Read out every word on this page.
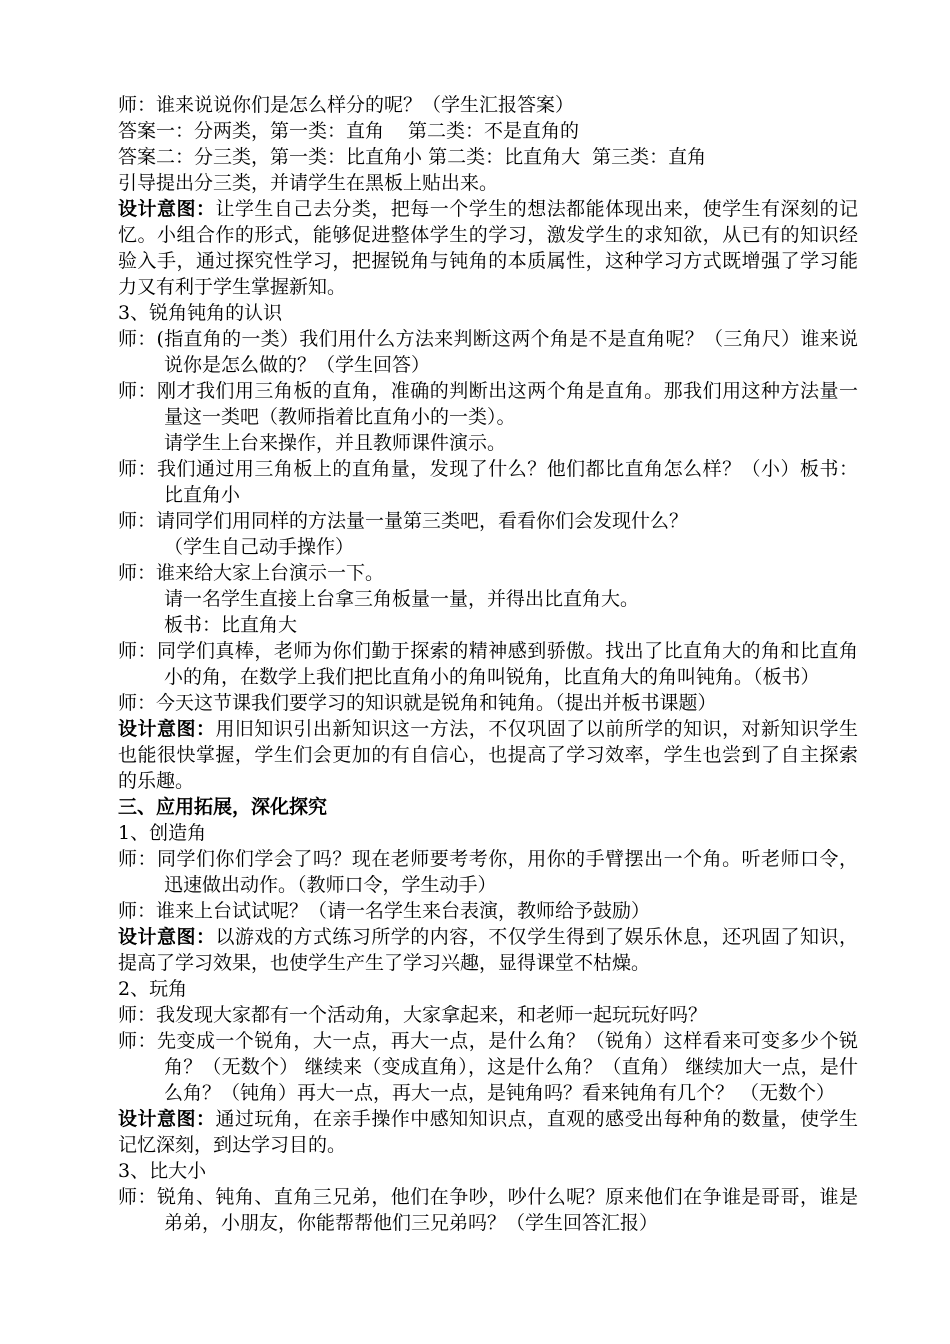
师：谁来说说你们是怎么样分的呢？（学生汇报答案）
答案一：分两类，第一类：直角 第二类：不是直角的
答案二：分三类，第一类：比直角小 第二类：比直角大 第三类：直角
引导提出分三类，并请学生在黑板上贴出来。
设计意图：让学生自己去分类，把每一个学生的想法都能体现出来，使学生有深刻的记忆。小组合作的形式，能够促进整体学生的学习，激发学生的求知欲，从已有的知识经验入手，通过探究性学习，把握锐角与钝角的本质属性，这种学习方式既增强了学习能力又有利于学生掌握新知。
3、锐角钝角的认识
师：(指直角的一类）我们用什么方法来判断这两个角是不是直角呢？（三角尺）谁来说说你是怎么做的？（学生回答）
师：刚才我们用三角板的直角，准确的判断出这两个角是直角。那我们用这种方法量一量这一类吧（教师指着比直角小的一类）。
请学生上台来操作，并且教师课件演示。
师：我们通过用三角板上的直角量，发现了什么？他们都比直角怎么样？（小）板书：比直角小
师：请同学们用同样的方法量一量第三类吧，看看你们会发现什么？
（学生自己动手操作）
师：谁来给大家上台演示一下。
请一名学生直接上台拿三角板量一量，并得出比直角大。
板书：比直角大
师：同学们真棒，老师为你们勤于探索的精神感到骄傲。找出了比直角大的角和比直角小的角，在数学上我们把比直角小的角叫锐角，比直角大的角叫钝角。（板书）
师：今天这节课我们要学习的知识就是锐角和钝角。（提出并板书课题）
设计意图：用旧知识引出新知识这一方法，不仅巩固了以前所学的知识，对新知识学生也能很快掌握，学生们会更加的有自信心，也提高了学习效率，学生也尝到了自主探索的乐趣。
三、应用拓展，深化探究
1、创造角
师：同学们你们学会了吗？现在老师要考考你，用你的手臂摆出一个角。听老师口令，迅速做出动作。（教师口令，学生动手）
师：谁来上台试试呢？（请一名学生来台表演，教师给予鼓励）
设计意图：以游戏的方式练习所学的内容，不仅学生得到了娱乐休息，还巩固了知识，提高了学习效果，也使学生产生了学习兴趣，显得课堂不枯燥。
2、玩角
师：我发现大家都有一个活动角，大家拿起来，和老师一起玩玩好吗？
师：先变成一个锐角，大一点，再大一点，是什么角？（锐角）这样看来可变多少个锐角？（无数个） 继续来（变成直角），这是什么角？（直角） 继续加大一点，是什么角？（钝角）再大一点，再大一点，是钝角吗？看来钝角有几个？ （无数个）
设计意图：通过玩角，在亲手操作中感知知识点，直观的感受出每种角的数量，使学生记忆深刻，到达学习目的。
3、比大小
师：锐角、钝角、直角三兄弟，他们在争吵，吵什么呢？原来他们在争谁是哥哥，谁是弟弟，小朋友，你能帮帮他们三兄弟吗？（学生回答汇报）
